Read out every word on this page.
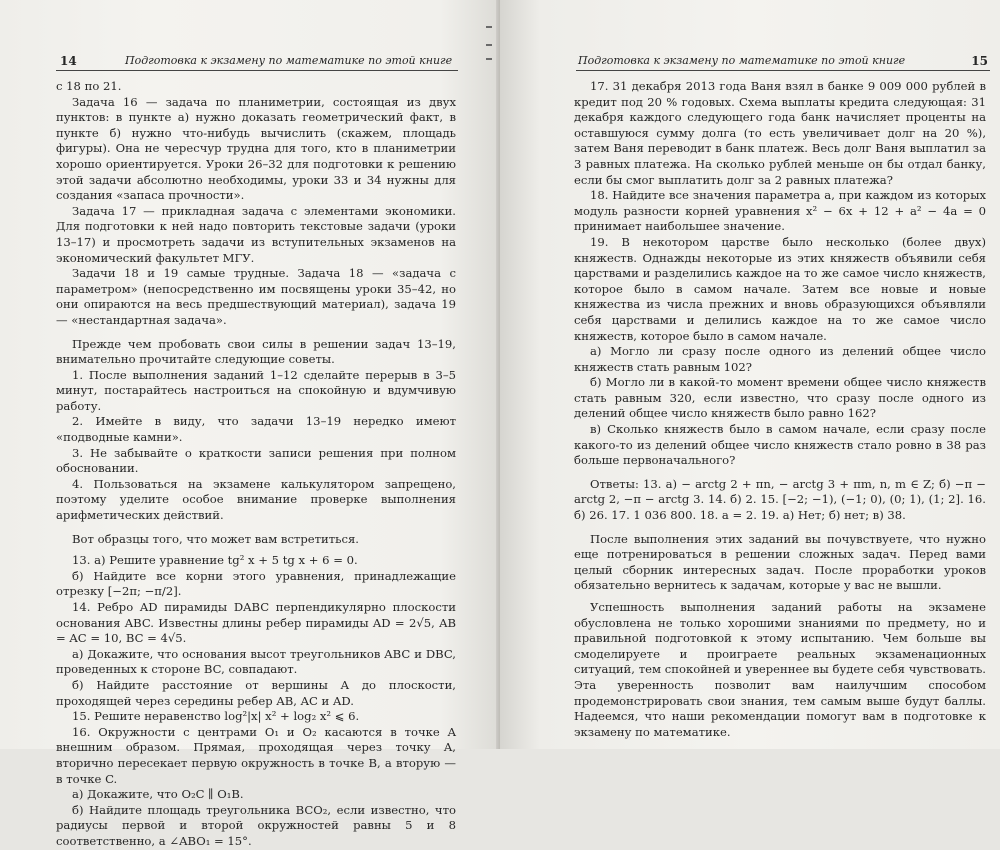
14	Подготовка к экзамену по математике по этой книге

с 18 по 21.

Задача 16 — задача по планиметрии, состоящая из двух пунктов: в пункте а) нужно доказать геометрический факт, в пункте б) нужно что-нибудь вычислить (скажем, площадь фигуры). Она не чересчур трудна для того, кто в планиметрии хорошо ориентируется. Уроки 26–32 для подготовки к решению этой задачи абсолютно необходимы, уроки 33 и 34 нужны для создания «запаса прочности».

Задача 17 — прикладная задача с элементами экономики. Для подготовки к ней надо повторить текстовые задачи (уроки 13–17) и просмотреть задачи из вступительных экзаменов на экономический факультет МГУ.

Задачи 18 и 19 самые трудные. Задача 18 — «задача с параметром» (непосредственно им посвящены уроки 35–42, но они опираются на весь предшествующий материал), задача 19 — «нестандартная задача».

Прежде чем пробовать свои силы в решении задач 13–19, внимательно прочитайте следующие советы.

1. После выполнения заданий 1–12 сделайте перерыв в 3–5 минут, постарайтесь настроиться на спокойную и вдумчивую работу.

2. Имейте в виду, что задачи 13–19 нередко имеют «подводные камни».

3. Не забывайте о краткости записи решения при полном обосновании.

4. Пользоваться на экзамене калькулятором запрещено, поэтому уделите особое внимание проверке выполнения арифметических действий.

Вот образцы того, что может вам встретиться.

13. а) Решите уравнение tg² x + 5 tg x + 6 = 0.

б) Найдите все корни этого уравнения, принадлежащие отрезку [−2π; −π/2].

14. Ребро AD пирамиды DABC перпендикулярно плоскости основания ABC. Известны длины ребер пирамиды AD = 2√5, AB = AC = 10, BC = 4√5.

а) Докажите, что основания высот треугольников ABC и DBC, проведенных к стороне BC, совпадают.

б) Найдите расстояние от вершины A до плоскости, проходящей через середины ребер AB, AC и AD.

15. Решите неравенство log²|x| x² + log₂ x² ⩽ 6.

16. Окружности с центрами O₁ и O₂ касаются в точке A внешним образом. Прямая, проходящая через точку A, вторично пересекает первую окружность в точке B, а вторую — в точке C.

а) Докажите, что O₂C ∥ O₁B.

б) Найдите площадь треугольника BCO₂, если известно, что радиусы первой и второй окружностей равны 5 и 8 соответственно, а ∠ABO₁ = 15°.

Подготовка к экзамену по математике по этой книге	15

17. 31 декабря 2013 года Ваня взял в банке 9 009 000 рублей в кредит под 20 % годовых. Схема выплаты кредита следующая: 31 декабря каждого следующего года банк начисляет проценты на оставшуюся сумму долга (то есть увеличивает долг на 20 %), затем Ваня переводит в банк платеж. Весь долг Ваня выплатил за 3 равных платежа. На сколько рублей меньше он бы отдал банку, если бы смог выплатить долг за 2 равных платежа?

18. Найдите все значения параметра a, при каждом из которых модуль разности корней уравнения x² − 6x + 12 + a² − 4a = 0 принимает наибольшее значение.

19. В некотором царстве было несколько (более двух) княжеств. Однажды некоторые из этих княжеств объявили себя царствами и разделились каждое на то же самое число княжеств, которое было в самом начале. Затем все новые и новые княжества из числа прежних и вновь образующихся объявляли себя царствами и делились каждое на то же самое число княжеств, которое было в самом начале.

а) Могло ли сразу после одного из делений общее число княжеств стать равным 102?

б) Могло ли в какой-то момент времени общее число княжеств стать равным 320, если известно, что сразу после одного из делений общее число княжеств было равно 162?

в) Сколько княжеств было в самом начале, если сразу после какого-то из делений общее число княжеств стало ровно в 38 раз больше первоначального?

Ответы: 13. а) − arctg 2 + πn, − arctg 3 + πm, n, m ∈ Z; б) −π − arctg 2, −π − arctg 3. 14. б) 2. 15. [−2; −1), (−1; 0), (0; 1), (1; 2]. 16. б) 26. 17. 1 036 800. 18. a = 2. 19. а) Нет; б) нет; в) 38.

После выполнения этих заданий вы почувствуете, что нужно еще потренироваться в решении сложных задач. Перед вами целый сборник интересных задач. После проработки уроков обязательно вернитесь к задачам, которые у вас не вышли.

Успешность выполнения заданий работы на экзамене обусловлена не только хорошими знаниями по предмету, но и правильной подготовкой к этому испытанию. Чем больше вы смоделируете и проиграете реальных экзаменационных ситуаций, тем спокойней и увереннее вы будете себя чувствовать. Эта уверенность позволит вам наилучшим способом продемонстрировать свои знания, тем самым выше будут баллы. Надеемся, что наши рекомендации помогут вам в подготовке к экзамену по математике.
